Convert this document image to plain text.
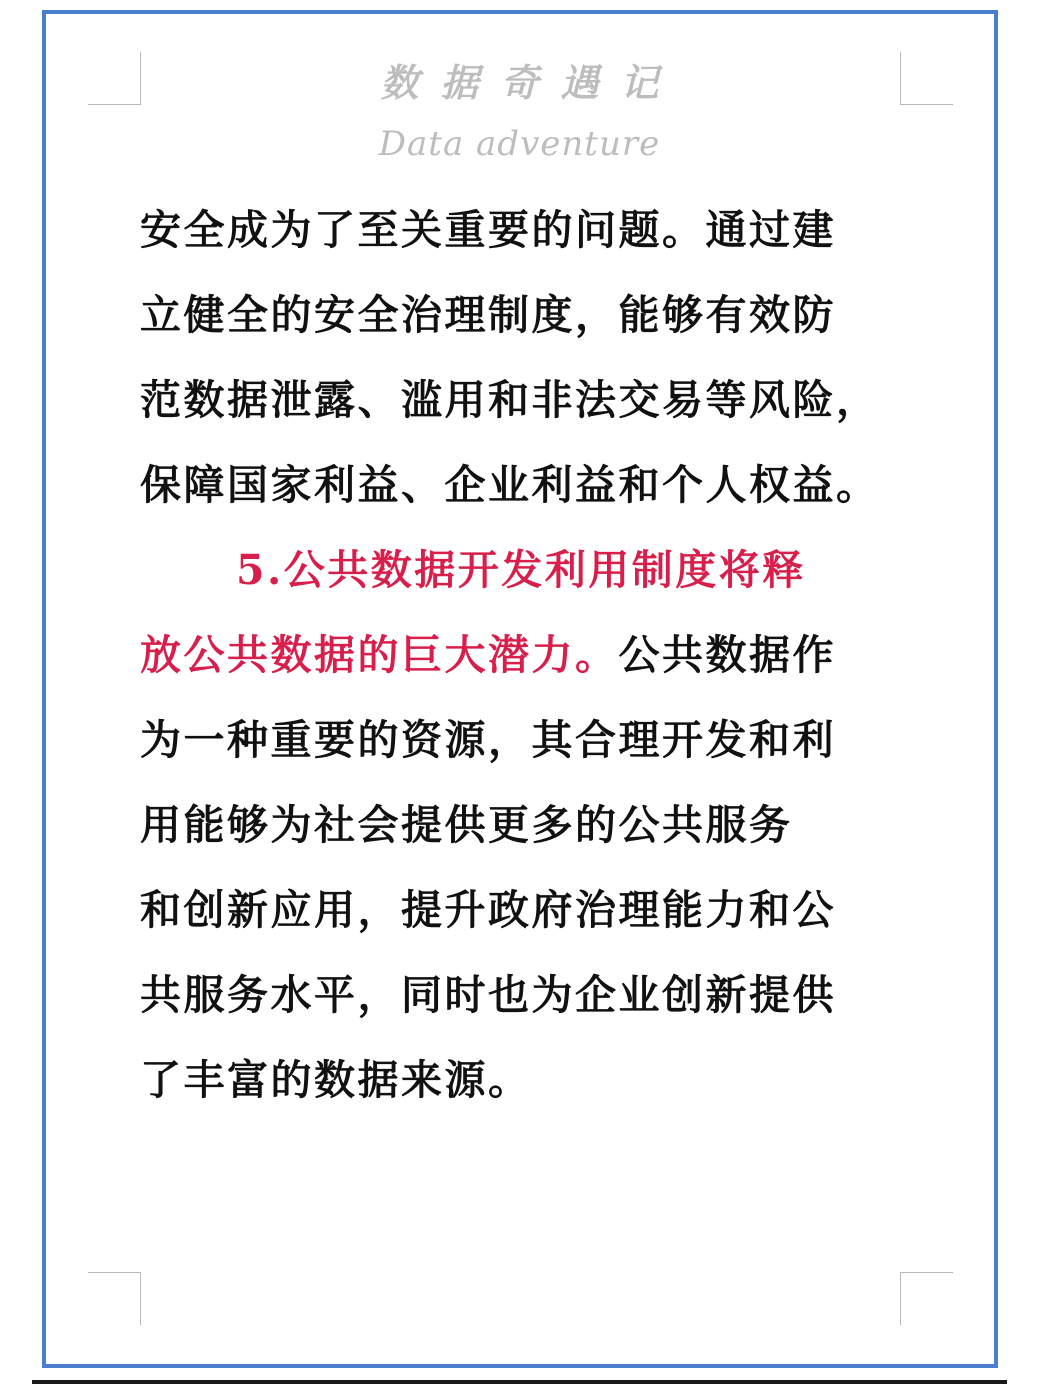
数据奇遇记
Data adventure
安全成为了至关重要的问题。通过建
立健全的安全治理制度，能够有效防
范数据泄露、滥用和非法交易等风险，
保障国家利益、企业利益和个人权益。
5.公共数据开发利用制度将释
放公共数据的巨大潜力。公共数据作
为一种重要的资源，其合理开发和利
用能够为社会提供更多的公共服务
和创新应用，提升政府治理能力和公
共服务水平，同时也为企业创新提供
了丰富的数据来源。
